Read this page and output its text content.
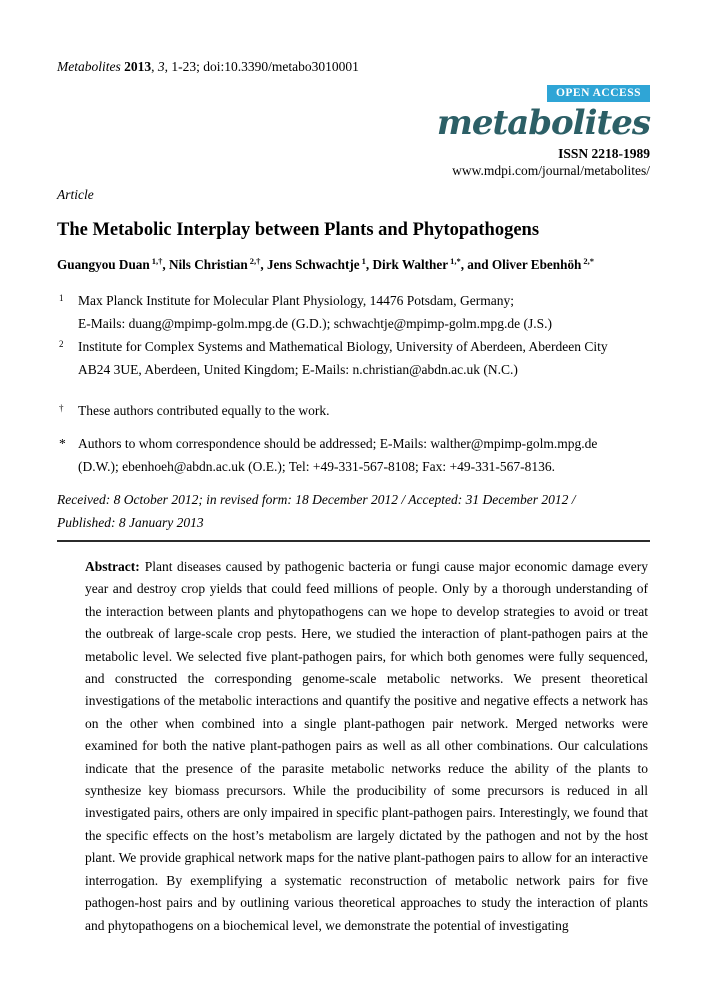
Metabolites 2013, 3, 1-23; doi:10.3390/metabo3010001
OPEN ACCESS
metabolites
ISSN 2218-1989
www.mdpi.com/journal/metabolites/
Article
The Metabolic Interplay between Plants and Phytopathogens
Guangyou Duan $^{1,\dagger}$, Nils Christian $^{2,\dagger}$, Jens Schwachtje $^1$, Dirk Walther $^{1,*}$, and Oliver Ebenhöh $^{2,*}$
1 Max Planck Institute for Molecular Plant Physiology, 14476 Potsdam, Germany;
E-Mails: duang@mpimp-golm.mpg.de (G.D.); schwachtje@mpimp-golm.mpg.de (J.S.)
2 Institute for Complex Systems and Mathematical Biology, University of Aberdeen, Aberdeen City
AB24 3UE, Aberdeen, United Kingdom; E-Mails: n.christian@abdn.ac.uk (N.C.)
† These authors contributed equally to the work.
* Authors to whom correspondence should be addressed; E-Mails: walther@mpimp-golm.mpg.de
(D.W.); ebenhoeh@abdn.ac.uk (O.E.); Tel: +49-331-567-8108; Fax: +49-331-567-8136.
Received: 8 October 2012; in revised form: 18 December 2012 / Accepted: 31 December 2012 /
Published: 8 January 2013

Abstract: Plant diseases caused by pathogenic bacteria or fungi cause major economic damage every year and destroy crop yields that could feed millions of people. Only by a thorough understanding of the interaction between plants and phytopathogens can we hope to develop strategies to avoid or treat the outbreak of large-scale crop pests. Here, we studied the interaction of plant-pathogen pairs at the metabolic level. We selected five plant-pathogen pairs, for which both genomes were fully sequenced, and constructed the corresponding genome-scale metabolic networks. We present theoretical investigations of the metabolic interactions and quantify the positive and negative effects a network has on the other when combined into a single plant-pathogen pair network. Merged networks were examined for both the native plant-pathogen pairs as well as all other combinations. Our calculations indicate that the presence of the parasite metabolic networks reduce the ability of the plants to synthesize key biomass precursors. While the producibility of some precursors is reduced in all investigated pairs, others are only impaired in specific plant-pathogen pairs. Interestingly, we found that the specific effects on the host’s metabolism are largely dictated by the pathogen and not by the host plant. We provide graphical network maps for the native plant-pathogen pairs to allow for an interactive interrogation. By exemplifying a systematic reconstruction of metabolic network pairs for five pathogen-host pairs and by outlining various theoretical approaches to study the interaction of plants and phytopathogens on a biochemical level, we demonstrate the potential of investigating
